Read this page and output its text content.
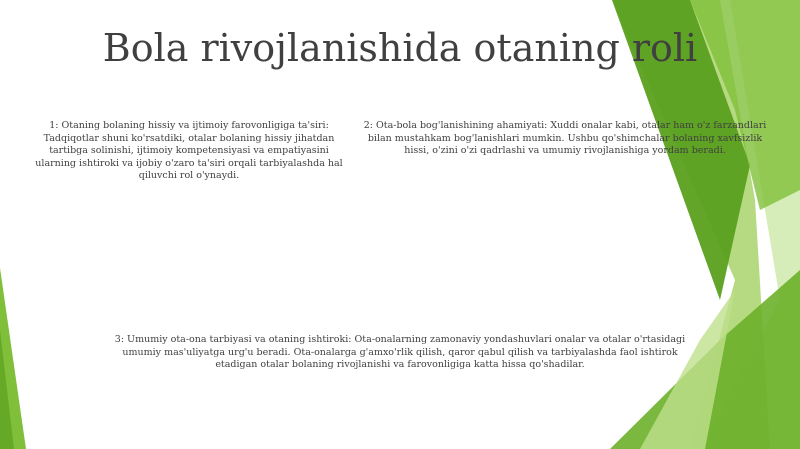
Bola rivojlanishida otaning roli
1: Otaning bolaning hissiy va ijtimoiy farovonligiga ta'siri: Tadqiqotlar shuni ko'rsatdiki, otalar bolaning hissiy jihatdan tartibga solinishi, ijtimoiy kompetensiyasi va empatiyasini ularning ishtiroki va ijobiy o'zaro ta'siri orqali tarbiyalashda hal qiluvchi rol o'ynaydi.
2: Ota-bola bog'lanishining ahamiyati: Xuddi onalar kabi, otalar ham o'z farzandlari bilan mustahkam bog'lanishlari mumkin. Ushbu qo'shimchalar bolaning xavfsizlik hissi, o'zini o'zi qadrlashi va umumiy rivojlanishiga yordam beradi.
3: Umumiy ota-ona tarbiyasi va otaning ishtiroki: Ota-onalarning zamonaviy yondashuvlari onalar va otalar o'rtasidagi umumiy mas'uliyatga urg'u beradi. Ota-onalarga g'amxo'rlik qilish, qaror qabul qilish va tarbiyalashda faol ishtirok etadigan otalar bolaning rivojlanishi va farovonligiga katta hissa qo'shadilar.
